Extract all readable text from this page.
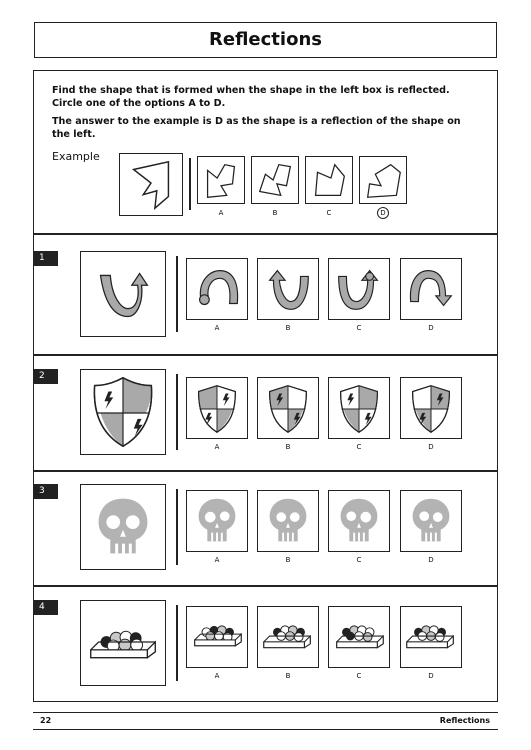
Reflections

Find the shape that is formed when the shape in the left box is reflected. Circle one of the options A to D.

The answer to the example is D as the shape is a reflection of the shape on the left.

Example
A	B	C	D
1
A	B	C	D
2
A	B	C	D
3
A	B	C	D
4
A	B	C	D
22	Reflections
